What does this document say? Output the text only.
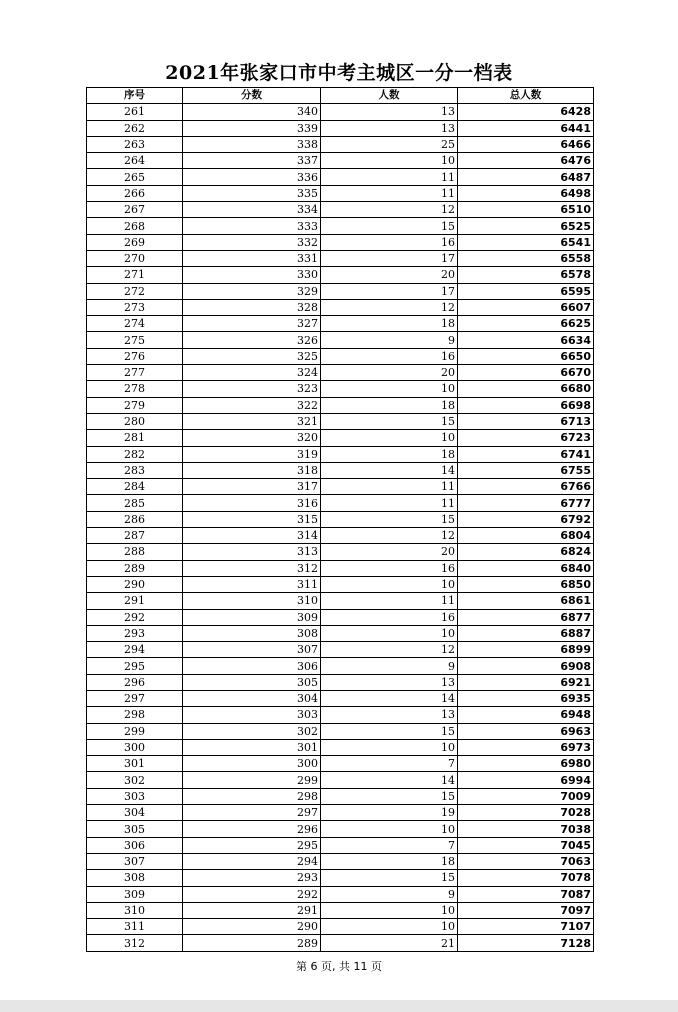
2021年张家口市中考主城区一分一档表
序号	分数	人数	总人数
261	340	13	6428
262	339	13	6441
263	338	25	6466
264	337	10	6476
265	336	11	6487
266	335	11	6498
267	334	12	6510
268	333	15	6525
269	332	16	6541
270	331	17	6558
271	330	20	6578
272	329	17	6595
273	328	12	6607
274	327	18	6625
275	326	9	6634
276	325	16	6650
277	324	20	6670
278	323	10	6680
279	322	18	6698
280	321	15	6713
281	320	10	6723
282	319	18	6741
283	318	14	6755
284	317	11	6766
285	316	11	6777
286	315	15	6792
287	314	12	6804
288	313	20	6824
289	312	16	6840
290	311	10	6850
291	310	11	6861
292	309	16	6877
293	308	10	6887
294	307	12	6899
295	306	9	6908
296	305	13	6921
297	304	14	6935
298	303	13	6948
299	302	15	6963
300	301	10	6973
301	300	7	6980
302	299	14	6994
303	298	15	7009
304	297	19	7028
305	296	10	7038
306	295	7	7045
307	294	18	7063
308	293	15	7078
309	292	9	7087
310	291	10	7097
311	290	10	7107
312	289	21	7128
第 6 页, 共 11 页
